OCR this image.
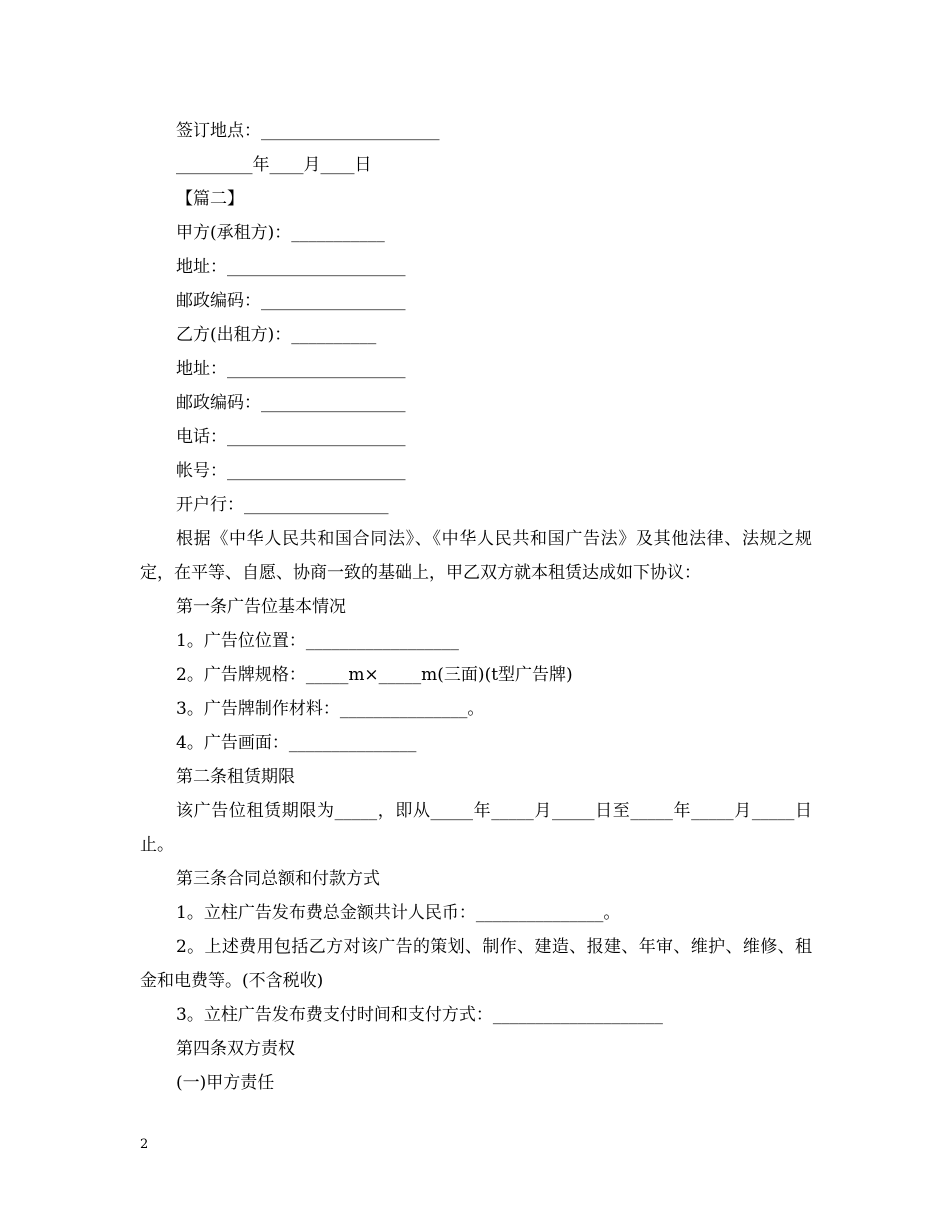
签订地点：_____________________
_________年____月____日
【篇二】
甲方(承租方)：___________
地址：_____________________
邮政编码：_________________
乙方(出租方)：__________
地址：_____________________
邮政编码：_________________
电话：_____________________
帐号：_____________________
开户行：_________________
根据《中华人民共和国合同法》、《中华人民共和国广告法》及其他法律、法规之规定，在平等、自愿、协商一致的基础上，甲乙双方就本租赁达成如下协议：
第一条广告位基本情况
1。广告位位置：__________________
2。广告牌规格：_____m×_____m(三面)(t型广告牌)
3。广告牌制作材料：_______________。
4。广告画面：_______________
第二条租赁期限
该广告位租赁期限为_____，即从_____年_____月_____日至_____年_____月_____日止。
第三条合同总额和付款方式
1。立柱广告发布费总金额共计人民币：_______________。
2。上述费用包括乙方对该广告的策划、制作、建造、报建、年审、维护、维修、租金和电费等。(不含税收)
3。立柱广告发布费支付时间和支付方式：____________________
第四条双方责权
(一)甲方责任
2
